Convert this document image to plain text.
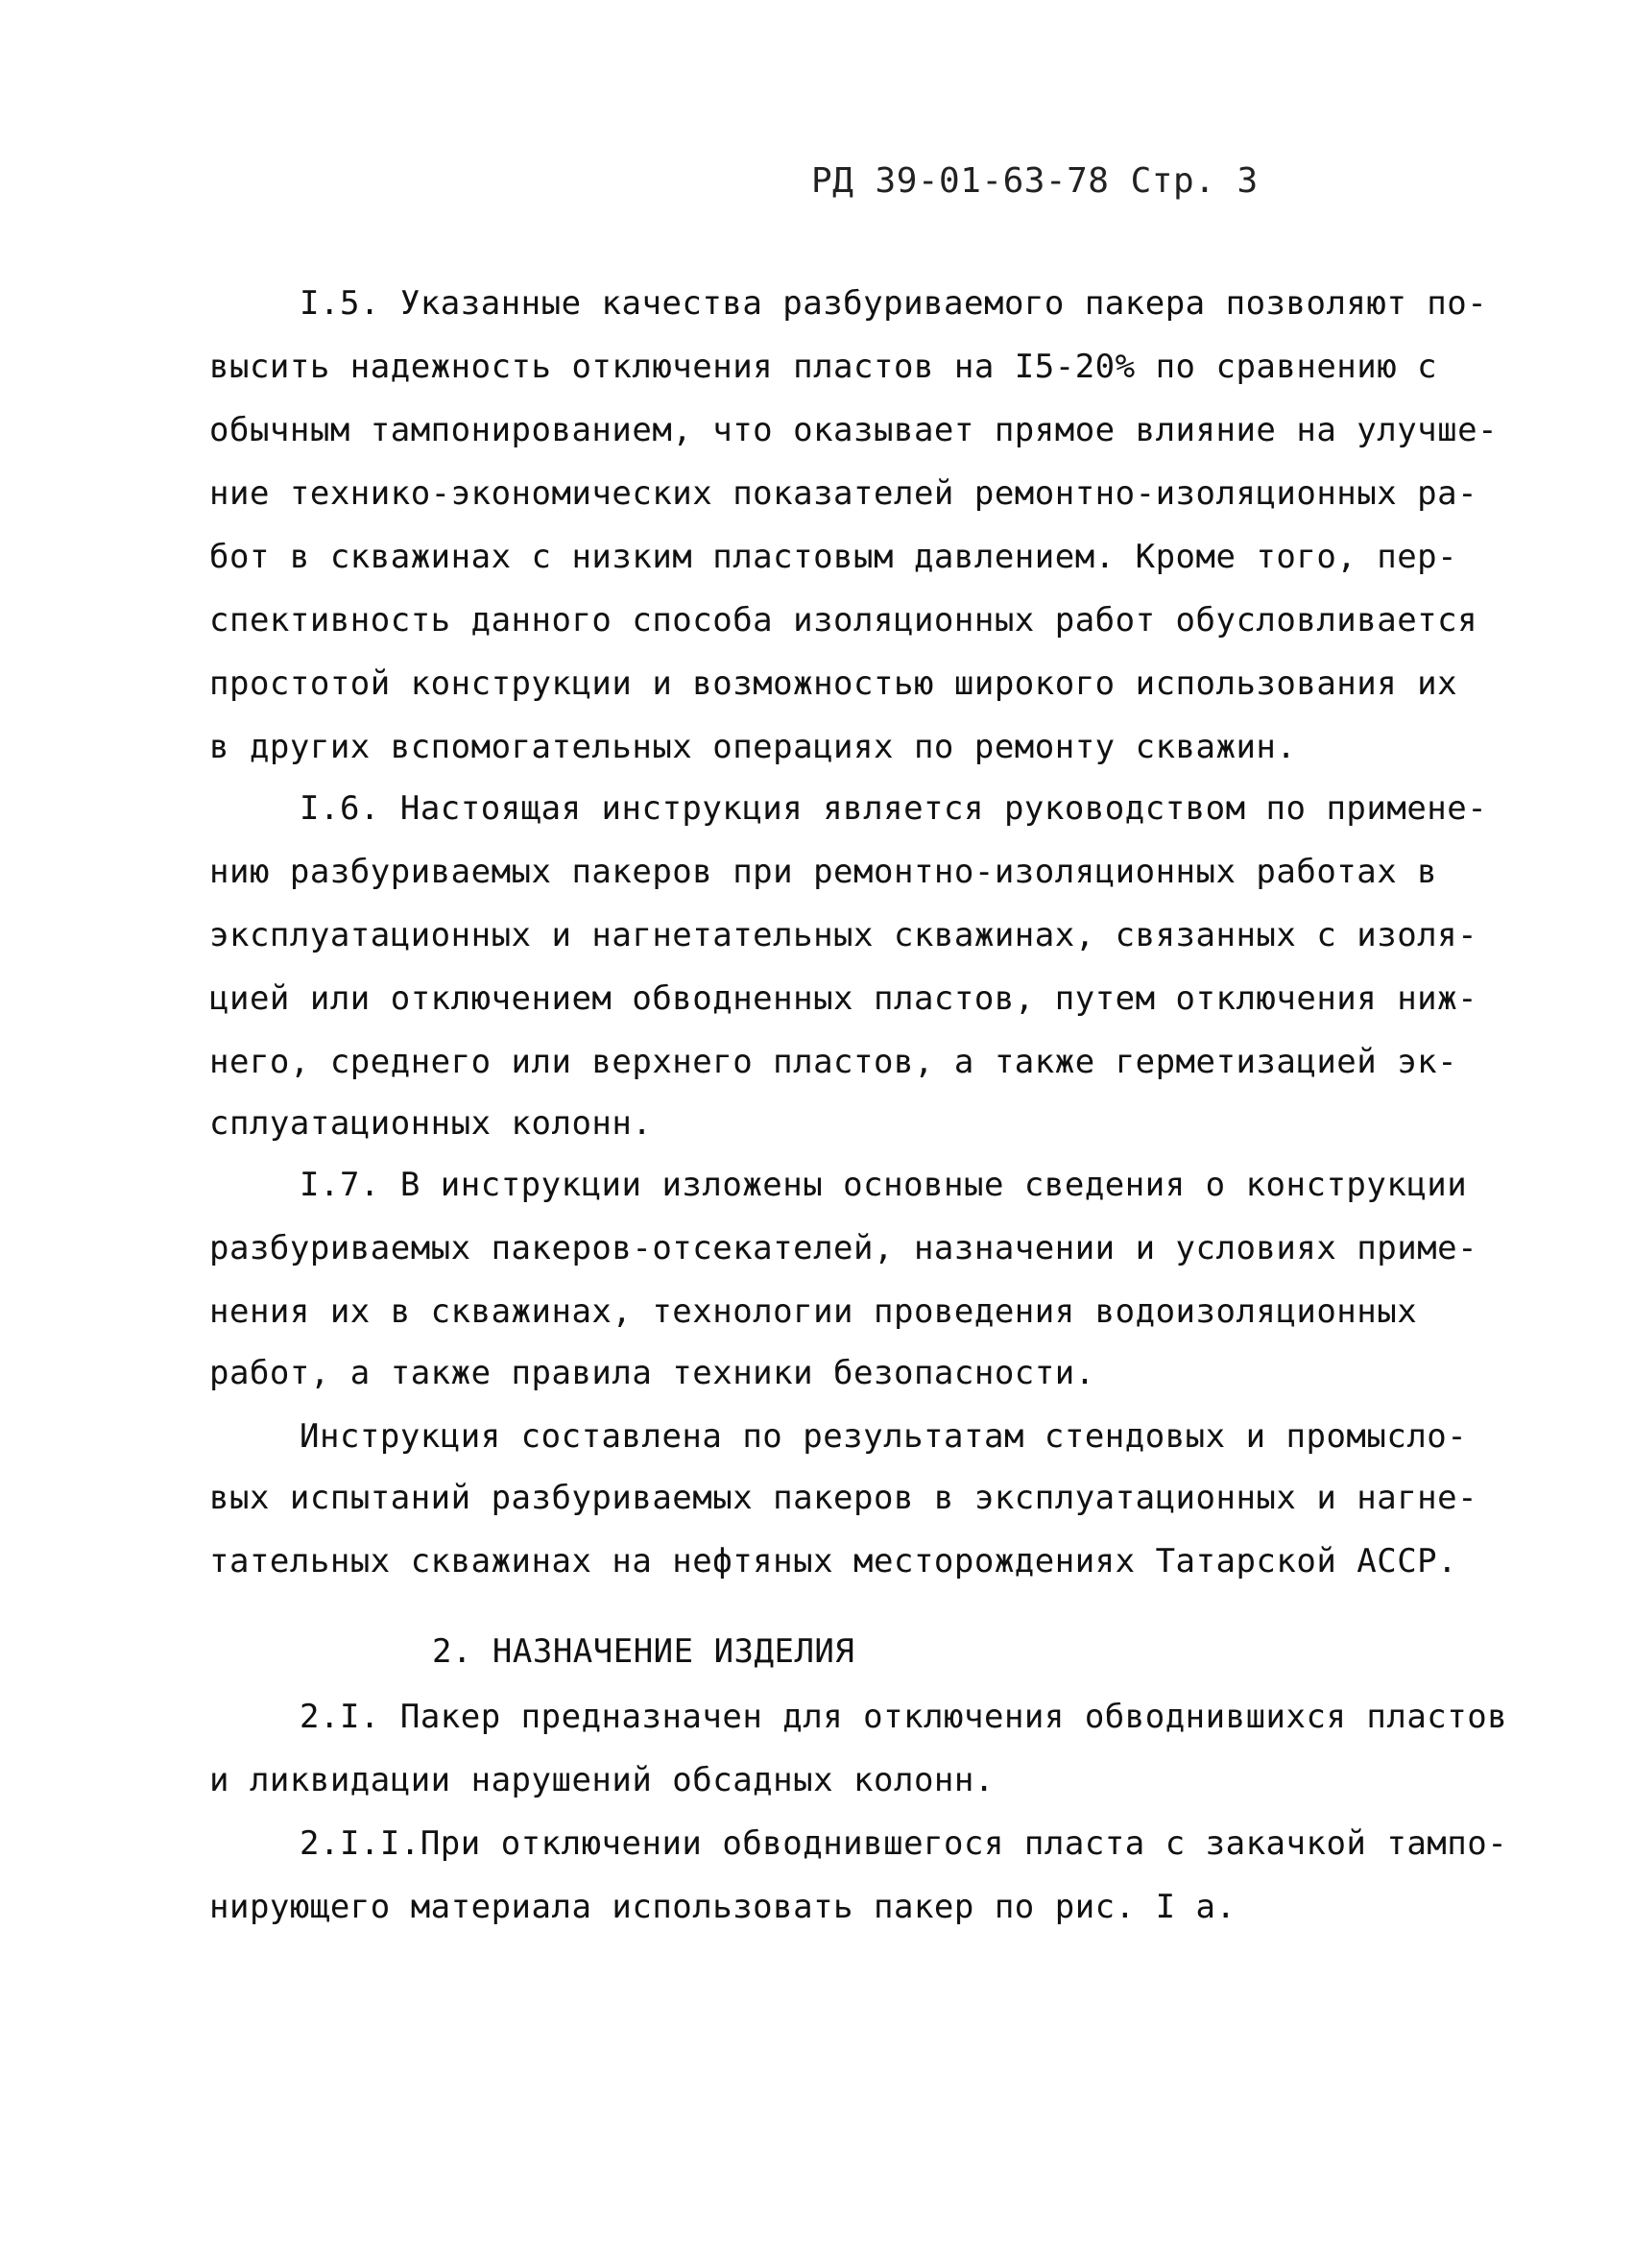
РД 39-01-63-78 Стр. 3
I.5. Указанные качества разбуриваемого пакера позволяют по-
высить надежность отключения пластов на I5-20% по сравнению с
обычным тампонированием, что оказывает прямое влияние на улучше-
ние технико-экономических показателей ремонтно-изоляционных ра-
бот в скважинах с низким пластовым давлением. Кроме того, пер-
спективность данного способа изоляционных работ обусловливается
простотой конструкции и возможностью широкого использования их
в других вспомогательных операциях по ремонту скважин.
I.6. Настоящая инструкция является руководством по примене-
нию разбуриваемых пакеров при ремонтно-изоляционных работах в
эксплуатационных и нагнетательных скважинах, связанных с изоля-
цией или отключением обводненных пластов, путем отключения ниж-
него, среднего или верхнего пластов, а также герметизацией эк-
сплуатационных колонн.
I.7. В инструкции изложены основные сведения о конструкции
разбуриваемых пакеров-отсекателей, назначении и условиях приме-
нения их в скважинах, технологии проведения водоизоляционных
работ, а также правила техники безопасности.
Инструкция составлена по результатам стендовых и промысло-
вых испытаний разбуриваемых пакеров в эксплуатационных и нагне-
тательных скважинах на нефтяных месторождениях Татарской АССР.
2. НАЗНАЧЕНИЕ ИЗДЕЛИЯ
2.I. Пакер предназначен для отключения обводнившихся пластов
и ликвидации нарушений обсадных колонн.
2.I.I.При отключении обводнившегося пласта с закачкой тампо-
нирующего материала использовать пакер по рис. I а.
